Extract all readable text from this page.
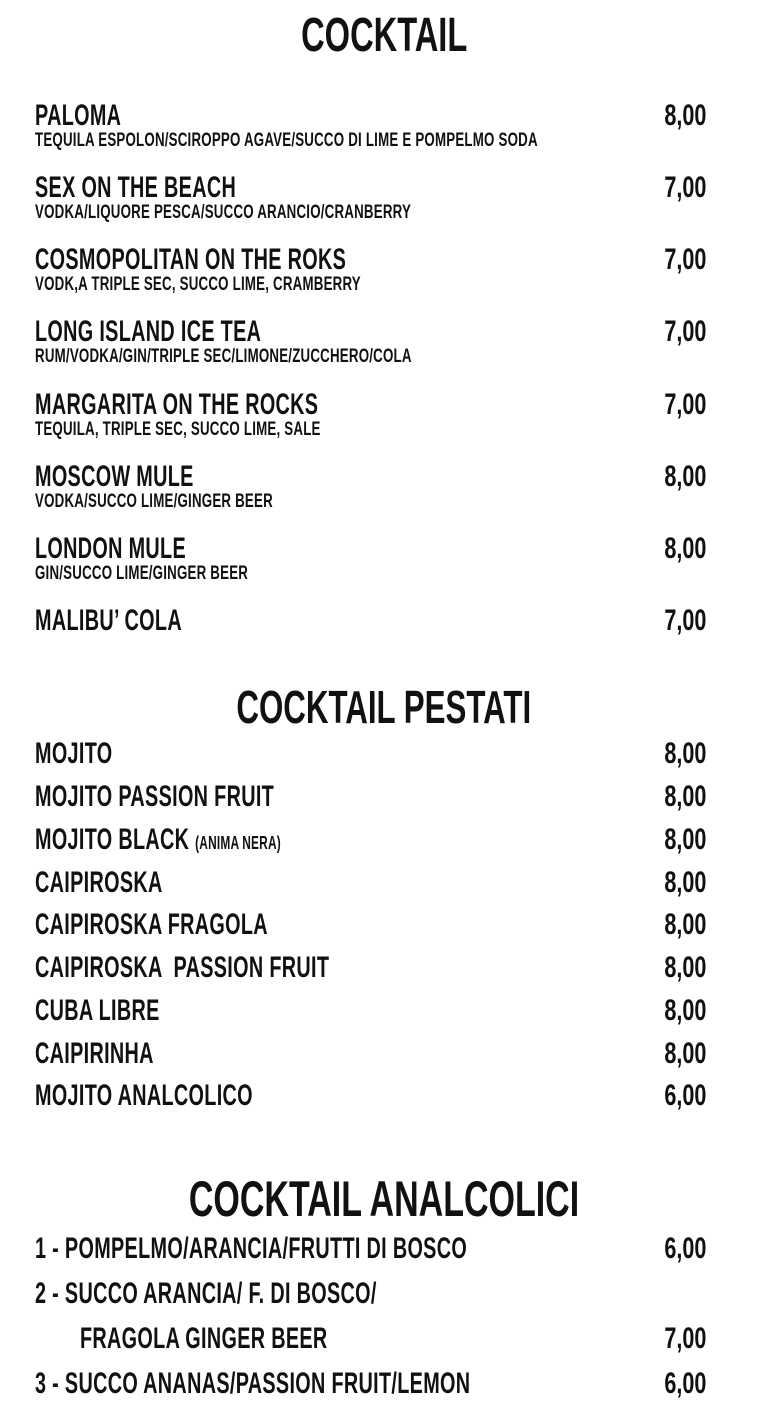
COCKTAIL
PALOMA
TEQUILA ESPOLON/SCIROPPO AGAVE/SUCCO DI LIME E POMPELMO SODA
8,00
SEX ON THE BEACH
VODKA/LIQUORE PESCA/SUCCO ARANCIO/CRANBERRY
7,00
COSMOPOLITAN ON THE ROKS
VODK,A TRIPLE SEC, SUCCO LIME, CRAMBERRY
7,00
LONG ISLAND ICE TEA
RUM/VODKA/GIN/TRIPLE SEC/LIMONE/ZUCCHERO/COLA
7,00
MARGARITA ON THE ROCKS
TEQUILA, TRIPLE SEC, SUCCO LIME, SALE
7,00
MOSCOW MULE
VODKA/SUCCO LIME/GINGER BEER
8,00
LONDON MULE
GIN/SUCCO LIME/GINGER BEER
8,00
MALIBU’ COLA	7,00
COCKTAIL PESTATI
MOJITO	8,00
MOJITO PASSION FRUIT	8,00
MOJITO BLACK (ANIMA NERA)	8,00
CAIPIROSKA	8,00
CAIPIROSKA FRAGOLA	8,00
CAIPIROSKA  PASSION FRUIT	8,00
CUBA LIBRE	8,00
CAIPIRINHA	8,00
MOJITO ANALCOLICO	6,00
COCKTAIL ANALCOLICI
1 - POMPELMO/ARANCIA/FRUTTI DI BOSCO	6,00
2 - SUCCO ARANCIA/ F. DI BOSCO/
FRAGOLA GINGER BEER	7,00
3 - SUCCO ANANAS/PASSION FRUIT/LEMON	6,00
